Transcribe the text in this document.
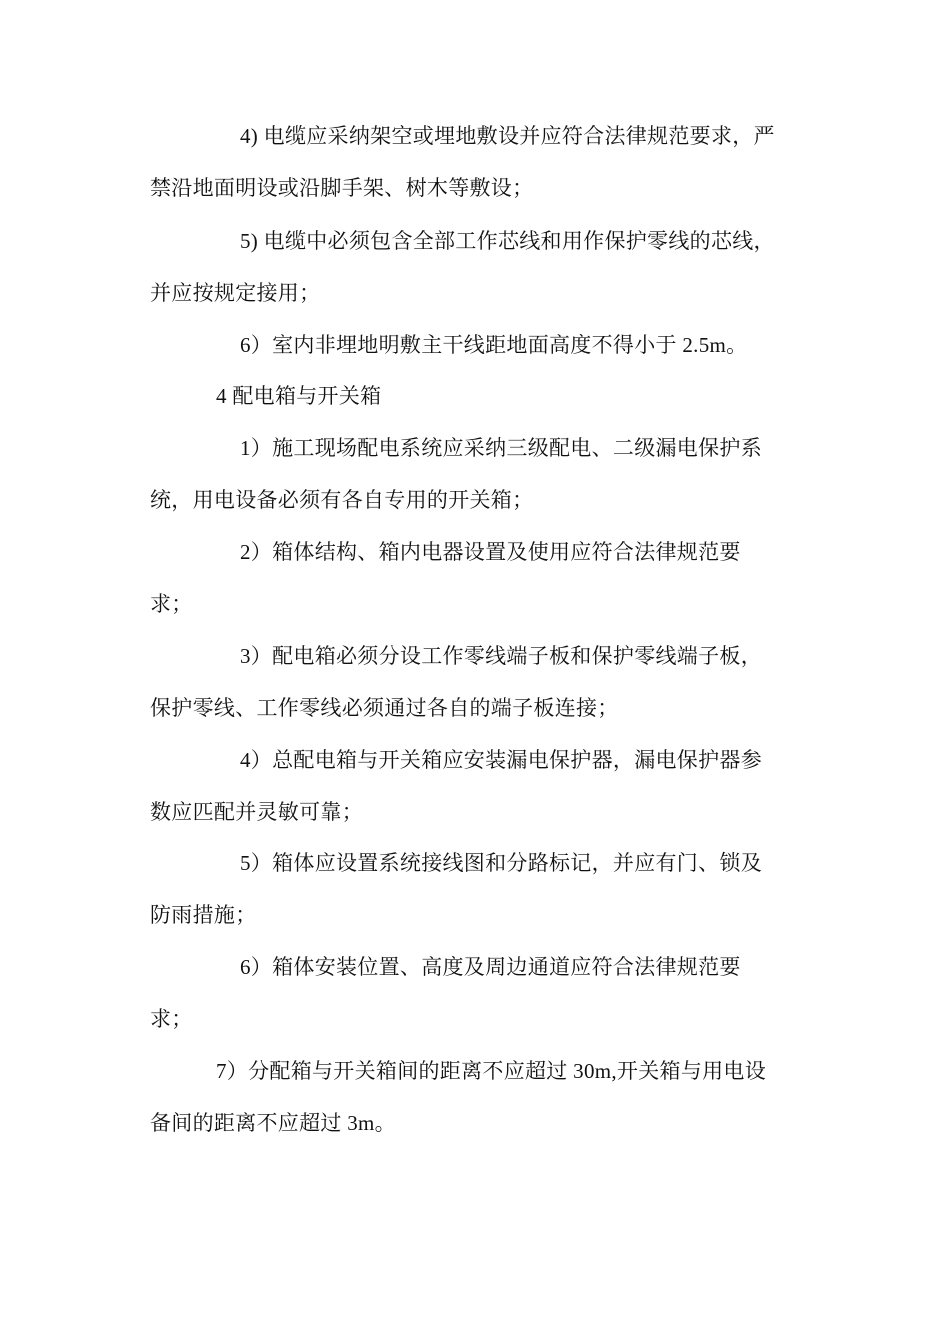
4) 电缆应采纳架空或埋地敷设并应符合法律规范要求，严
禁沿地面明设或沿脚手架、树木等敷设；
5) 电缆中必须包含全部工作芯线和用作保护零线的芯线，
并应按规定接用；
6）室内非埋地明敷主干线距地面高度不得小于 2.5m。
4 配电箱与开关箱
1）施工现场配电系统应采纳三级配电、二级漏电保护系
统，用电设备必须有各自专用的开关箱；
2）箱体结构、箱内电器设置及使用应符合法律规范要
求；
3）配电箱必须分设工作零线端子板和保护零线端子板，
保护零线、工作零线必须通过各自的端子板连接；
4）总配电箱与开关箱应安装漏电保护器，漏电保护器参
数应匹配并灵敏可靠；
5）箱体应设置系统接线图和分路标记，并应有门、锁及
防雨措施；
6）箱体安装位置、高度及周边通道应符合法律规范要
求；
7）分配箱与开关箱间的距离不应超过 30m,开关箱与用电设
备间的距离不应超过 3m。
